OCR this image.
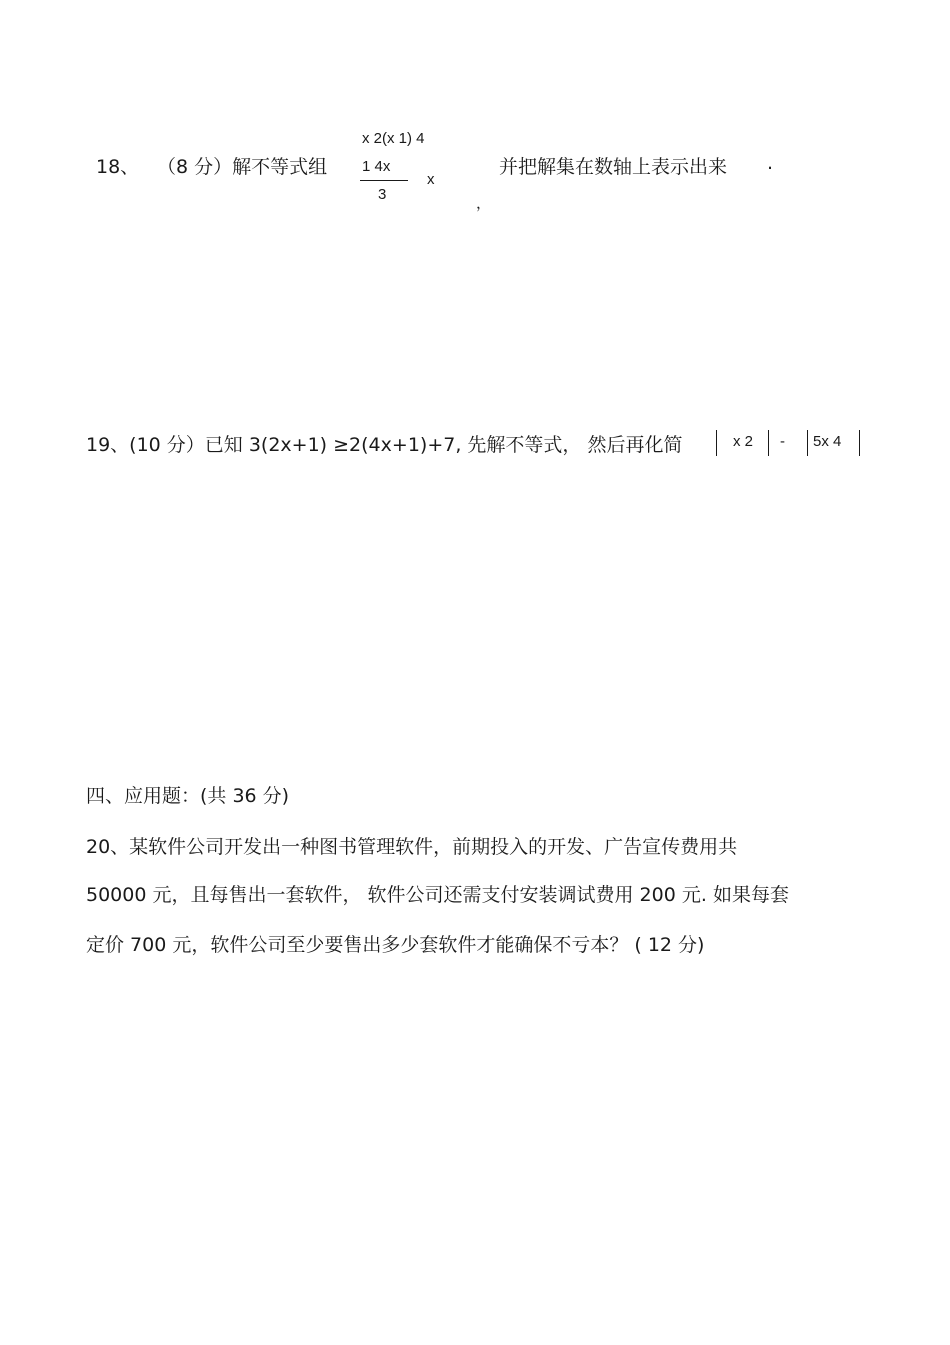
18、 （8 分）解不等式组
x 2(x 1) 4
1 4x
3
x
，
并把解集在数轴上表示出来 .
19、(10 分）已知 3(2x+1) ≥2(4x+1)+7, 先解不等式， 然后再化简	x 2 - 5x 4
四、应用题：(共 36 分)
20、某软件公司开发出一种图书管理软件，前期投入的开发、广告宣传费用共
50000 元，且每售出一套软件， 软件公司还需支付安装调试费用 200 元. 如果每套
定价 700 元，软件公司至少要售出多少套软件才能确保不亏本？ ( 12 分)
